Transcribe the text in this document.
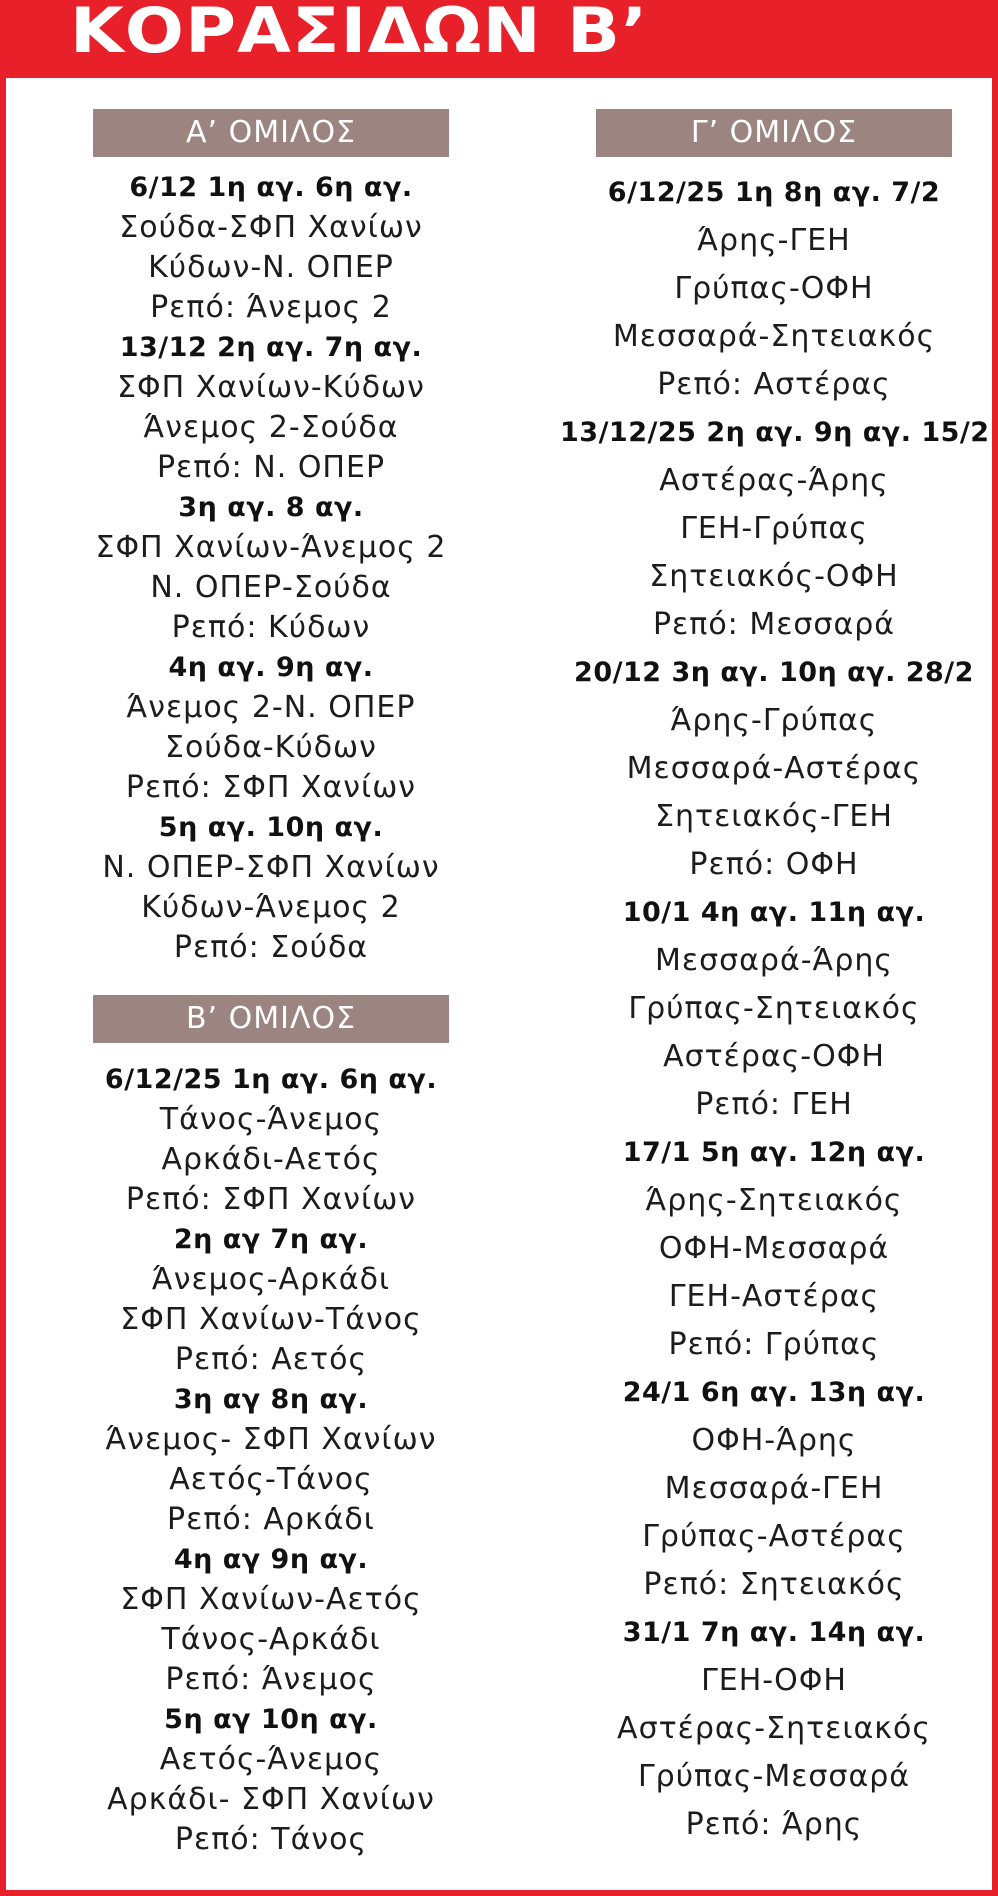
ΚΟΡΑΣΙΔΩΝ Β’
Α’ ΟΜΙΛΟΣ
6/12 1η αγ. 6η αγ.
Σούδα-ΣΦΠ Χανίων
Κύδων-Ν. ΟΠΕΡ
Ρεπό: Άνεμος 2
13/12 2η αγ. 7η αγ.
ΣΦΠ Χανίων-Κύδων
Άνεμος 2-Σούδα
Ρεπό: Ν. ΟΠΕΡ
3η αγ. 8 αγ.
ΣΦΠ Χανίων-Άνεμος 2
Ν. ΟΠΕΡ-Σούδα
Ρεπό: Κύδων
4η αγ. 9η αγ.
Άνεμος 2-Ν. ΟΠΕΡ
Σούδα-Κύδων
Ρεπό: ΣΦΠ Χανίων
5η αγ. 10η αγ.
Ν. ΟΠΕΡ-ΣΦΠ Χανίων
Κύδων-Άνεμος 2
Ρεπό: Σούδα
Β’ ΟΜΙΛΟΣ
6/12/25 1η αγ. 6η αγ.
Τάνος-Άνεμος
Αρκάδι-Αετός
Ρεπό: ΣΦΠ Χανίων
2η αγ 7η αγ.
Άνεμος-Αρκάδι
ΣΦΠ Χανίων-Τάνος
Ρεπό: Αετός
3η αγ 8η αγ.
Άνεμος- ΣΦΠ Χανίων
Αετός-Τάνος
Ρεπό: Αρκάδι
4η αγ 9η αγ.
ΣΦΠ Χανίων-Αετός
Τάνος-Αρκάδι
Ρεπό: Άνεμος
5η αγ 10η αγ.
Αετός-Άνεμος
Αρκάδι- ΣΦΠ Χανίων
Ρεπό: Τάνος
Γ’ ΟΜΙΛΟΣ
6/12/25 1η 8η αγ. 7/2
Άρης-ΓΕΗ
Γρύπας-ΟΦΗ
Μεσσαρά-Σητειακός
Ρεπό: Αστέρας
13/12/25 2η αγ. 9η αγ. 15/2
Αστέρας-Άρης
ΓΕΗ-Γρύπας
Σητειακός-ΟΦΗ
Ρεπό: Μεσσαρά
20/12 3η αγ. 10η αγ. 28/2
Άρης-Γρύπας
Μεσσαρά-Αστέρας
Σητειακός-ΓΕΗ
Ρεπό: ΟΦΗ
10/1 4η αγ. 11η αγ.
Μεσσαρά-Άρης
Γρύπας-Σητειακός
Αστέρας-ΟΦΗ
Ρεπό: ΓΕΗ
17/1 5η αγ. 12η αγ.
Άρης-Σητειακός
ΟΦΗ-Μεσσαρά
ΓΕΗ-Αστέρας
Ρεπό: Γρύπας
24/1 6η αγ. 13η αγ.
ΟΦΗ-Άρης
Μεσσαρά-ΓΕΗ
Γρύπας-Αστέρας
Ρεπό: Σητειακός
31/1 7η αγ. 14η αγ.
ΓΕΗ-ΟΦΗ
Αστέρας-Σητειακός
Γρύπας-Μεσσαρά
Ρεπό: Άρης
